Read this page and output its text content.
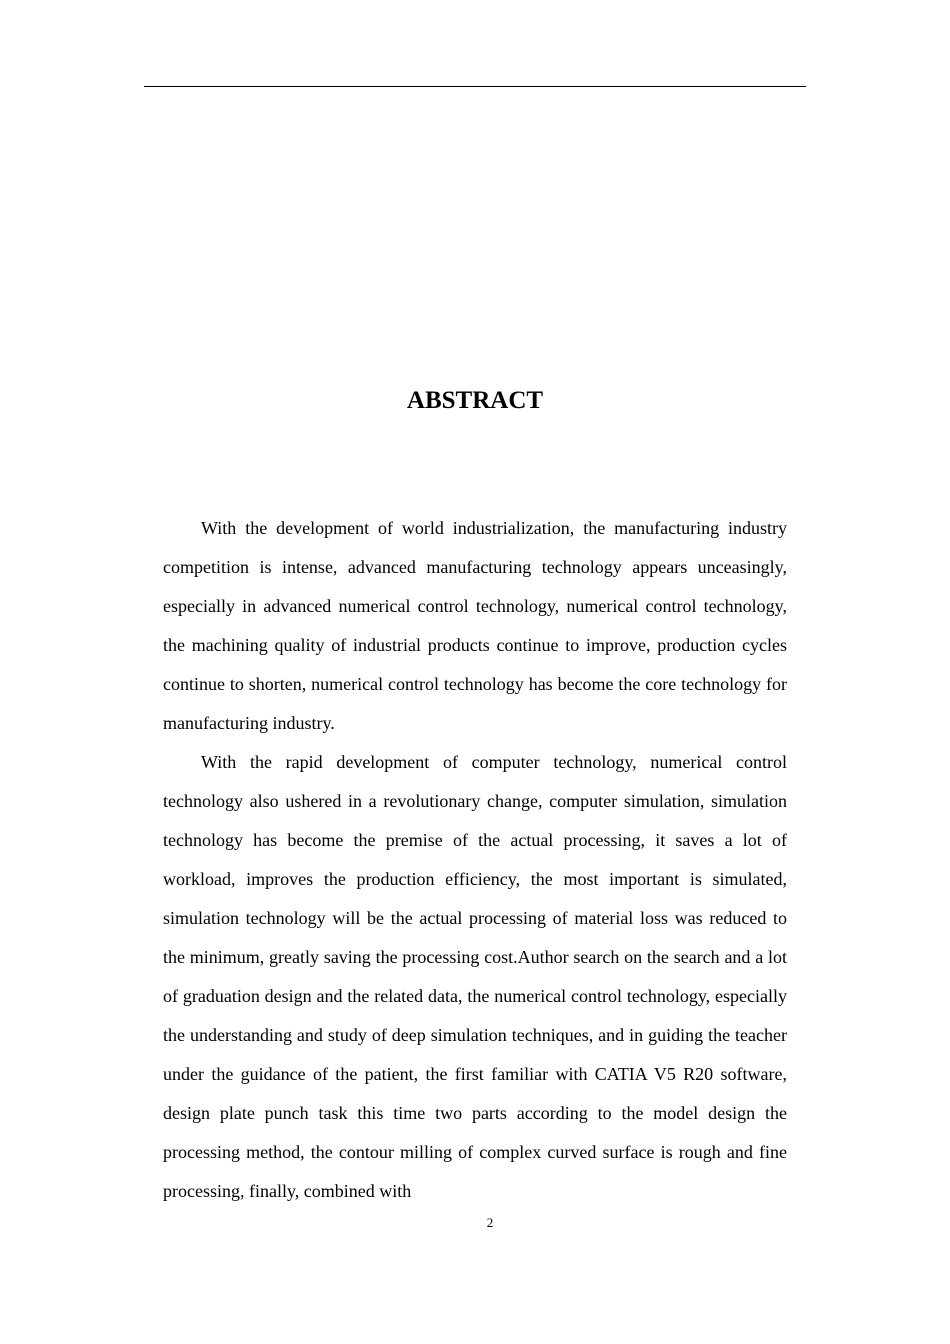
ABSTRACT

With the development of world industrialization, the manufacturing industry competition is intense, advanced manufacturing technology appears unceasingly, especially in advanced numerical control technology, numerical control technology, the machining quality of industrial products continue to improve, production cycles continue to shorten, numerical control technology has become the core technology for manufacturing industry.

With the rapid development of computer technology, numerical control technology also ushered in a revolutionary change, computer simulation, simulation technology has become the premise of the actual processing, it saves a lot of workload, improves the production efficiency, the most important is simulated, simulation technology will be the actual processing of material loss was reduced to the minimum, greatly saving the processing cost.Author search on the search and a lot of graduation design and the related data, the numerical control technology, especially the understanding and study of deep simulation techniques, and in guiding the teacher under the guidance of the patient, the first familiar with CATIA V5 R20 software, design plate punch task this time two parts according to the model design the processing method, the contour milling of complex curved surface is rough and fine processing, finally, combined with

2
